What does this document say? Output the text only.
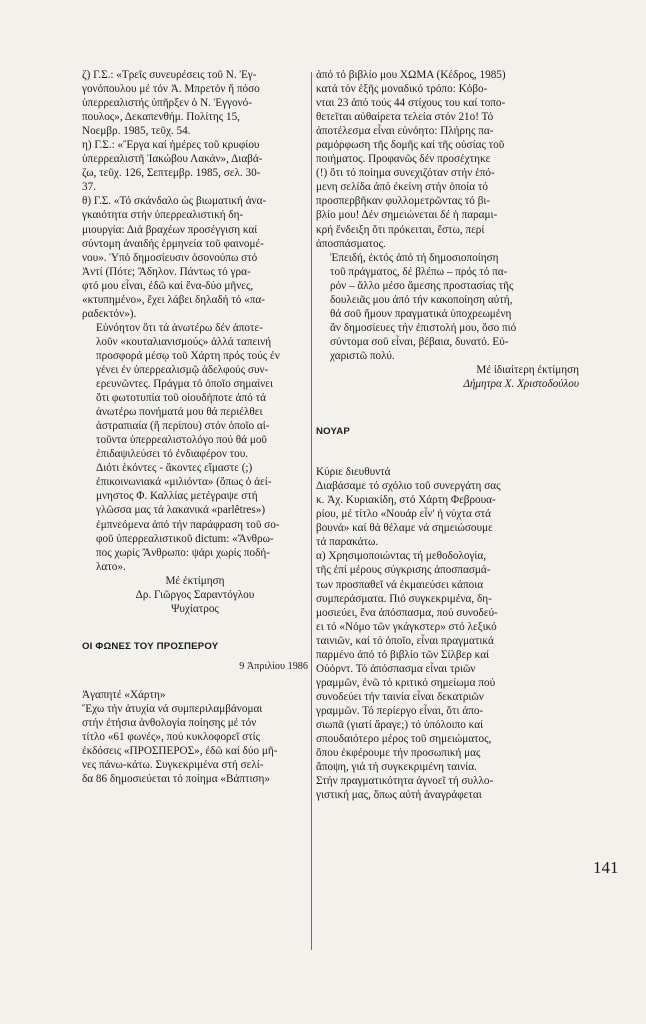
ζ) Γ.Σ.: «Τρεῖς συνευρέσεις τοῦ Ν. Ἐγ-
γονόπουλου μέ τόν Ἀ. Μπρετόν ἤ πόσο
ὑπερρεαλιστής ὑπῆρξεν ὁ Ν. Ἐγγονό-
πουλος», Δεκαπενθήμ. Πολίτης 15,
Νοεμβρ. 1985, τεῦχ. 54.

η) Γ.Σ.: «Ἔργα καί ἡμέρες τοῦ κρυφίου
ὑπερρεαλιστῆ Ἰακώβου Λακάν», Διαβά-
ζω, τεῦχ. 126, Σεπτεμβρ. 1985, σελ. 30-
37.

θ) Γ.Σ. «Τό σκάνδαλο ὡς βιωματική ἀνα-
γκαιότητα στήν ὑπερρεαλιστική δη-
μιουργία: Διά βραχέων προσέγγιση καί
σύντομη ἀναιδής ἑρμηνεία τοῦ φαινομέ-
νου». Ὑπό δημοσίευσιν ὁσονούπω στό
Ἀντί (Πότε; Ἄδηλον. Πάντως τό γρα-
φτό μου εἶναι, ἐδῶ καί ἕνα-δύο μῆνες,
«κτυπημένο», ἔχει λάβει δηλαδή τό «πα-
ραδεκτόν»).

Εὐνόητον ὅτι τά ἀνωτέρω δέν ἀποτε-
λοῦν «κουταλιανισμούς» ἀλλά ταπεινή
προσφορά μέσῳ τοῦ Χάρτη πρός τούς ἐν
γένει ἐν ὑπερρεαλισμῷ ἀδελφούς συν-
ερευνῶντες. Πράγμα τό ὁποῖο σημαίνει
ὅτι φωτοτυπία τοῦ οἱουδήποτε ἀπό τά
ἀνωτέρω πονήματά μου θά περιέλθει
ἀστραπιαία (ἤ περίπου) στόν ὁποῖο αἰ-
τοῦντα ὑπερρεαλιστολόγο πού θά μοῦ
ἐπιδαψιλεύσει τό ἐνδιαφέρον του.

Διότι ἑκόντες - ἄκοντες εἴμαστε (;)
ἐπικοινωνιακά «μιλιόντα» (ὅπως ὁ ἀεί-
μνηστος Φ. Καλλίας μετέγραψε στή
γλῶσσα μας τά λακανικά «parlêtres»)
ἐμπνεόμενα ἀπό τήν παράφραση τοῦ σο-
φοῦ ὑπερρεαλιστικοῦ dictum: «Ἄνθρω-
πος χωρίς Ἄνθρωπο: ψάρι χωρίς ποδή-
λατο».

Μέ ἐκτίμηση
Δρ. Γιῶργος Σαραντόγλου
Ψυχίατρος

ΟΙ ΦΩΝΕΣ ΤΟΥ ΠΡΟΣΠΕΡΟΥ

9 Ἀπριλίου 1986

Ἀγαπητέ «Χάρτη»

Ἔχω τήν ἀτυχία νά συμπεριλαμβάνομαι
στήν ἐτήσια ἀνθολογία ποίησης μέ τόν
τίτλο «61 φωνές», πού κυκλοφορεῖ στίς
ἐκδόσεις «ΠΡΟΣΠΕΡΟΣ», ἐδῶ καί δύο μῆ-
νες πάνω-κάτω. Συγκεκριμένα στή σελί-
δα 86 δημοσιεύεται τό ποίημα «Βάπτιση»

ἀπό τό βιβλίο μου ΧΩΜΑ (Κέδρος, 1985)
κατά τόν ἑξῆς μοναδικό τρόπο: Κόβο-
νται 23 ἀπό τούς 44 στίχους του καί τοπο-
θετεῖται αὐθαίρετα τελεία στόν 21ο! Τό
ἀποτέλεσμα εἶναι εὐνόητο: Πλήρης πα-
ραμόρφωση τῆς δομῆς καί τῆς οὐσίας τοῦ
ποιήματος. Προφανῶς δέν προσέχτηκε
(!) ὅτι τό ποίημα συνεχιζόταν στήν ἑπό-
μενη σελίδα ἀπό ἐκείνη στήν ὁποία τό
προσπερβῆκαν φυλλομετρῶντας τό βι-
βλίο μου! Δέν σημειώνεται δέ ἡ παραμι-
κρή ἔνδειξη ὅτι πρόκειται, ἔστω, περί
ἀποσπάσματος.

Ἐπειδή, ἐκτός ἀπό τή δημοσιοποίηση
τοῦ πράγματος, δέ βλέπω – πρός τό πα-
ρόν – ἄλλο μέσο ἄμεσης προστασίας τῆς
δουλειᾶς μου ἀπό τήν κακοποίηση αὐτή,
θά σοῦ ἤμουν πραγματικά ὑποχρεωμένη
ἄν δημοσίευες τήν ἐπιστολή μου, ὅσο πιό
σύντομα σοῦ εἶναι, βέβαια, δυνατό. Εὐ-
χαριστῶ πολύ.

Μέ ἰδιαίτερη ἐκτίμηση

Δήμητρα Χ. Χριστοδούλου

ΝΟΥΑΡ

Κύριε διευθυντά

Διαβάσαμε τό σχόλιο τοῦ συνεργάτη σας
κ. Ἀχ. Κυριακίδη, στό Χάρτη Φεβρουα-
ρίου, μέ τίτλο «Νουάρ εἶν' ἡ νύχτα στά
βουνά» καί θά θέλαμε νά σημειώσουμε
τά παρακάτω.

α) Χρησιμοποιώντας τή μεθοδολογία,
τῆς ἐπί μέρους σύγκρισης ἀποσπασμά-
των προσπαθεῖ νά ἐκμαιεύσει κάποια
συμπεράσματα. Πιό συγκεκριμένα, δη-
μοσιεύει, ἕνα ἀπόσπασμα, πού συνοδεύ-
ει τό «Νόμο τῶν γκάγκστερ» στό λεξικό
ταινιῶν, καί τό ὁποῖο, εἶναι πραγματικά
παρμένο ἀπό τό βιβλίο τῶν Σίλβερ καί
Οὐόρντ. Τό ἀπόσπασμα εἶναι τριῶν
γραμμῶν, ἐνῶ τό κριτικό σημείωμα πού
συνοδεύει τήν ταινία εἶναι δεκατριῶν
γραμμῶν. Τό περίεργο εἶναι, ὅτι ἀπο-
σιωπᾶ (γιατί ἄραγε;) τό ὑπόλοιπο καί
σπουδαιότερο μέρος τοῦ σημειώματος,
ὅπου ἐκφέρουμε τήν προσωπική μας
ἄποψη, γιά τή συγκεκριμένη ταινία.

Στήν πραγματικότητα ἀγνοεῖ τή συλλο-
γιστική μας, ὅπως αὐτή ἀναγράφεται

141
